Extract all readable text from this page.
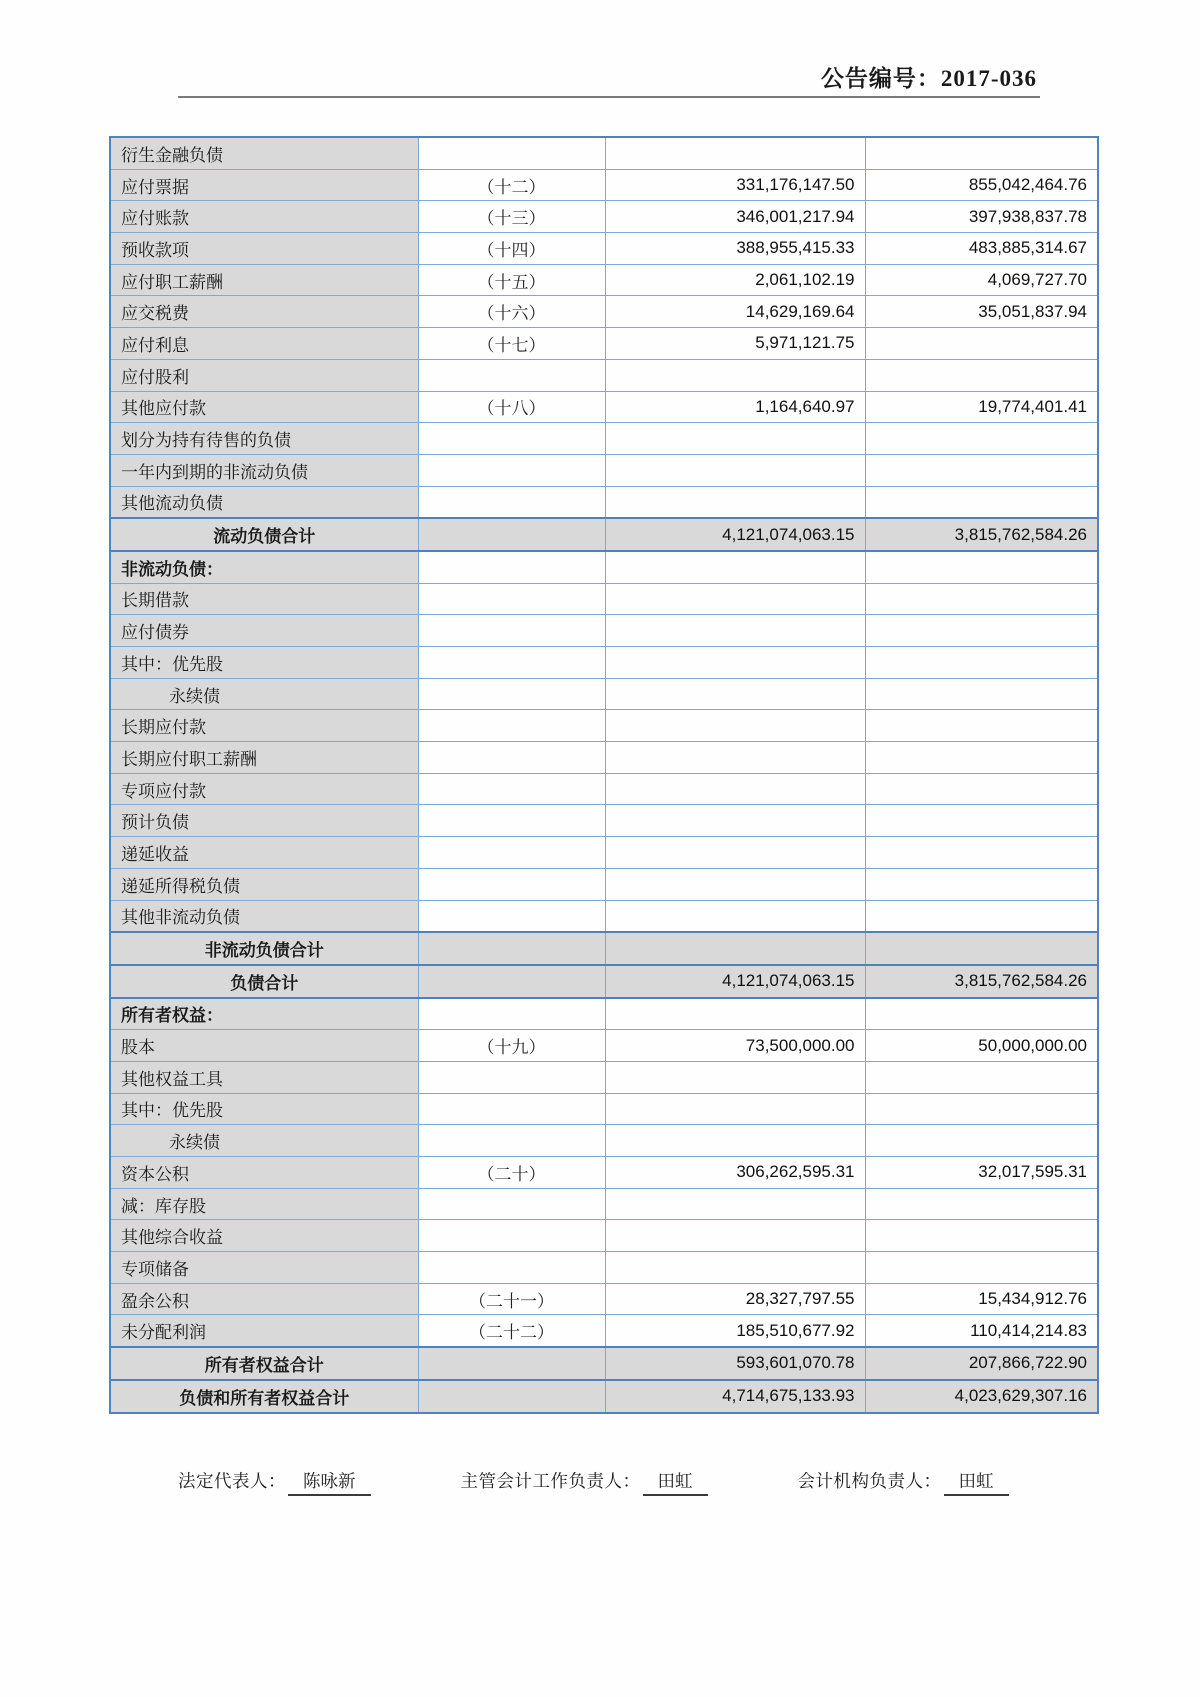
公告编号：2017-036
衍生金融负债			
应付票据	（十二）	331,176,147.50	855,042,464.76
应付账款	（十三）	346,001,217.94	397,938,837.78
预收款项	（十四）	388,955,415.33	483,885,314.67
应付职工薪酬	（十五）	2,061,102.19	4,069,727.70
应交税费	（十六）	14,629,169.64	35,051,837.94
应付利息	（十七）	5,971,121.75	
应付股利			
其他应付款	（十八）	1,164,640.97	19,774,401.41
划分为持有待售的负债			
一年内到期的非流动负债			
其他流动负债			
流动负债合计		4,121,074,063.15	3,815,762,584.26
非流动负债：			
长期借款			
应付债券			
其中：优先股			
永续债			
长期应付款			
长期应付职工薪酬			
专项应付款			
预计负债			
递延收益			
递延所得税负债			
其他非流动负债			
非流动负债合计			
负债合计		4,121,074,063.15	3,815,762,584.26
所有者权益：			
股本	（十九）	73,500,000.00	50,000,000.00
其他权益工具			
其中：优先股			
永续债			
资本公积	（二十）	306,262,595.31	32,017,595.31
减：库存股			
其他综合收益			
专项储备			
盈余公积	（二十一）	28,327,797.55	15,434,912.76
未分配利润	（二十二）	185,510,677.92	110,414,214.83
所有者权益合计		593,601,070.78	207,866,722.90
负债和所有者权益合计		4,714,675,133.93	4,023,629,307.16
法定代表人： 陈咏新	主管会计工作负责人： 田虹	会计机构负责人： 田虹
